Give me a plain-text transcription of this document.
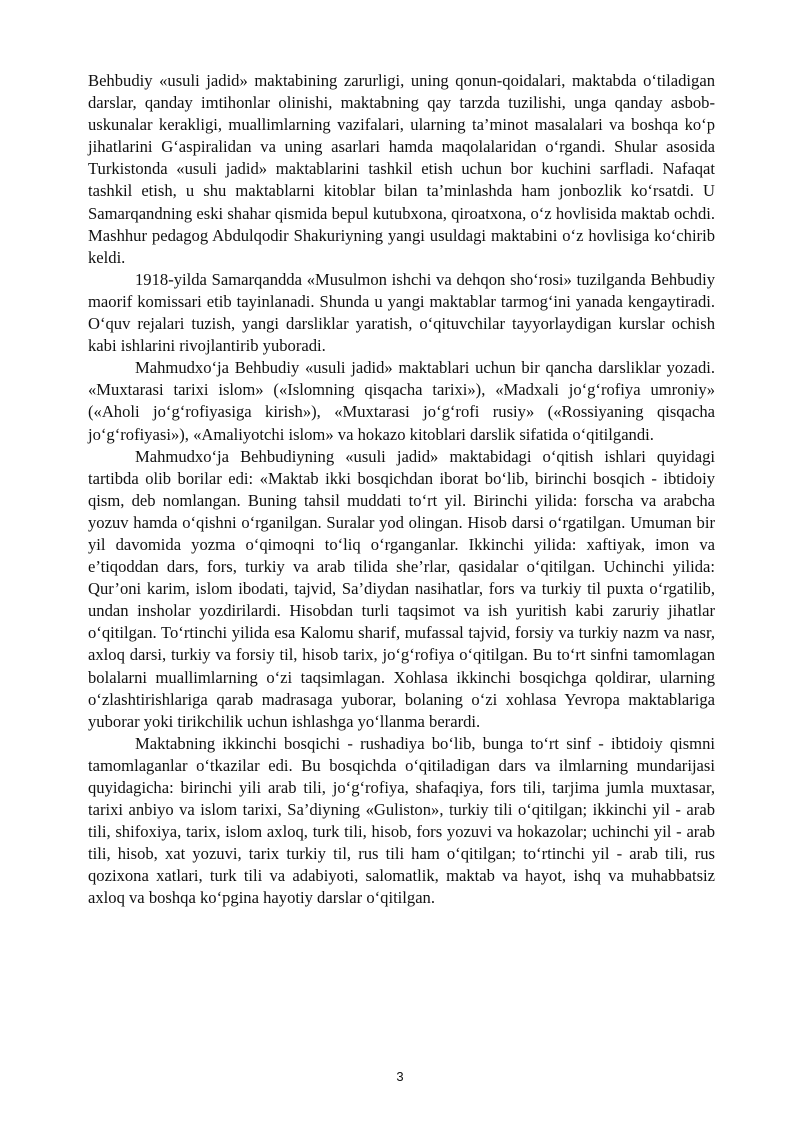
Behbudiy «usuli jadid» maktabining zarurligi, uning qonun-qoidalari, maktabda o‘tiladigan darslar, qanday imtihonlar olinishi, maktabning qay tarzda tuzilishi, unga qanday asbob-uskunalar kerakligi, muallimlarning vazifalari, ularning ta’minot masalalari va boshqa ko‘p jihatlarini G‘aspiralidan va uning asarlari hamda maqolalaridan o‘rgandi. Shular asosida Turkistonda «usuli jadid» maktablarini tashkil etish uchun bor kuchini sarfladi. Nafaqat tashkil etish, u shu maktablarni kitoblar bilan ta’minlashda ham jonbozlik ko‘rsatdi. U Samarqandning eski shahar qismida bepul kutubxona, qiroatxona, o‘z hovlisida maktab ochdi. Mashhur pedagog Abdulqodir Shakuriyning yangi usuldagi maktabini o‘z hovlisiga ko‘chirib keldi.

1918-yilda Samarqandda «Musulmon ishchi va dehqon sho‘rosi» tuzilganda Behbudiy maorif komissari etib tayinlanadi. Shunda u yangi maktablar tarmog‘ini yanada kengaytiradi. O‘quv rejalari tuzish, yangi darsliklar yaratish, o‘qituvchilar tayyorlaydigan kurslar ochish kabi ishlarini rivojlantirib yuboradi.

Mahmudxo‘ja Behbudiy «usuli jadid» maktablari uchun bir qancha darsliklar yozadi. «Muxtarasi tarixi islom» («Islomning qisqacha tarixi»), «Madxali jo‘g‘rofiya umroniy» («Aholi jo‘g‘rofiyasiga kirish»), «Muxtarasi jo‘g‘rofi rusiy» («Rossiyaning qisqacha jo‘g‘rofiyasi»), «Amaliyotchi islom» va hokazo kitoblari darslik sifatida o‘qitilgandi.

Mahmudxo‘ja Behbudiyning «usuli jadid» maktabidagi o‘qitish ishlari quyidagi tartibda olib borilar edi: «Maktab ikki bosqichdan iborat bo‘lib, birinchi bosqich - ibtidoiy qism, deb nomlangan. Buning tahsil muddati to‘rt yil. Birinchi yilida: forscha va arabcha yozuv hamda o‘qishni o‘rganilgan. Suralar yod olingan. Hisob darsi o‘rgatilgan. Umuman bir yil davomida yozma o‘qimoqni to‘liq o‘rganganlar. Ikkinchi yilida: xaftiyak, imon va e’tiqoddan dars, fors, turkiy va arab tilida she’rlar, qasidalar o‘qitilgan. Uchinchi yilida: Qur’oni karim, islom ibodati, tajvid, Sa’diydan nasihatlar, fors va turkiy til puxta o‘rgatilib, undan insholar yozdirilardi. Hisobdan turli taqsimot va ish yuritish kabi zaruriy jihatlar o‘qitilgan. To‘rtinchi yilida esa Kalomu sharif, mufassal tajvid, forsiy va turkiy nazm va nasr, axloq darsi, turkiy va forsiy til, hisob tarix, jo‘g‘rofiya o‘qitilgan. Bu to‘rt sinfni tamomlagan bolalarni muallimlarning o‘zi taqsimlagan. Xohlasa ikkinchi bosqichga qoldirar, ularning o‘zlashtirishlariga qarab madrasaga yuborar, bolaning o‘zi xohlasa Yevropa maktablariga yuborar yoki tirikchilik uchun ishlashga yo‘llanma berardi.

Maktabning ikkinchi bosqichi - rushadiya bo‘lib, bunga to‘rt sinf - ibtidoiy qismni tamomlaganlar o‘tkazilar edi. Bu bosqichda o‘qitiladigan dars va ilmlarning mundarijasi quyidagicha: birinchi yili arab tili, jo‘g‘rofiya, shafaqiya, fors tili, tarjima jumla muxtasar, tarixi anbiyo va islom tarixi, Sa’diyning «Guliston», turkiy tili o‘qitilgan; ikkinchi yil - arab tili, shifoxiya, tarix, islom axloq, turk tili, hisob, fors yozuvi va hokazolar; uchinchi yil - arab tili, hisob, xat yozuvi, tarix turkiy til, rus tili ham o‘qitilgan; to‘rtinchi yil - arab tili, rus qozixona xatlari, turk tili va adabiyoti, salomatlik, maktab va hayot, ishq va muhabbatsiz axloq va boshqa ko‘pgina hayotiy darslar o‘qitilgan.

3
